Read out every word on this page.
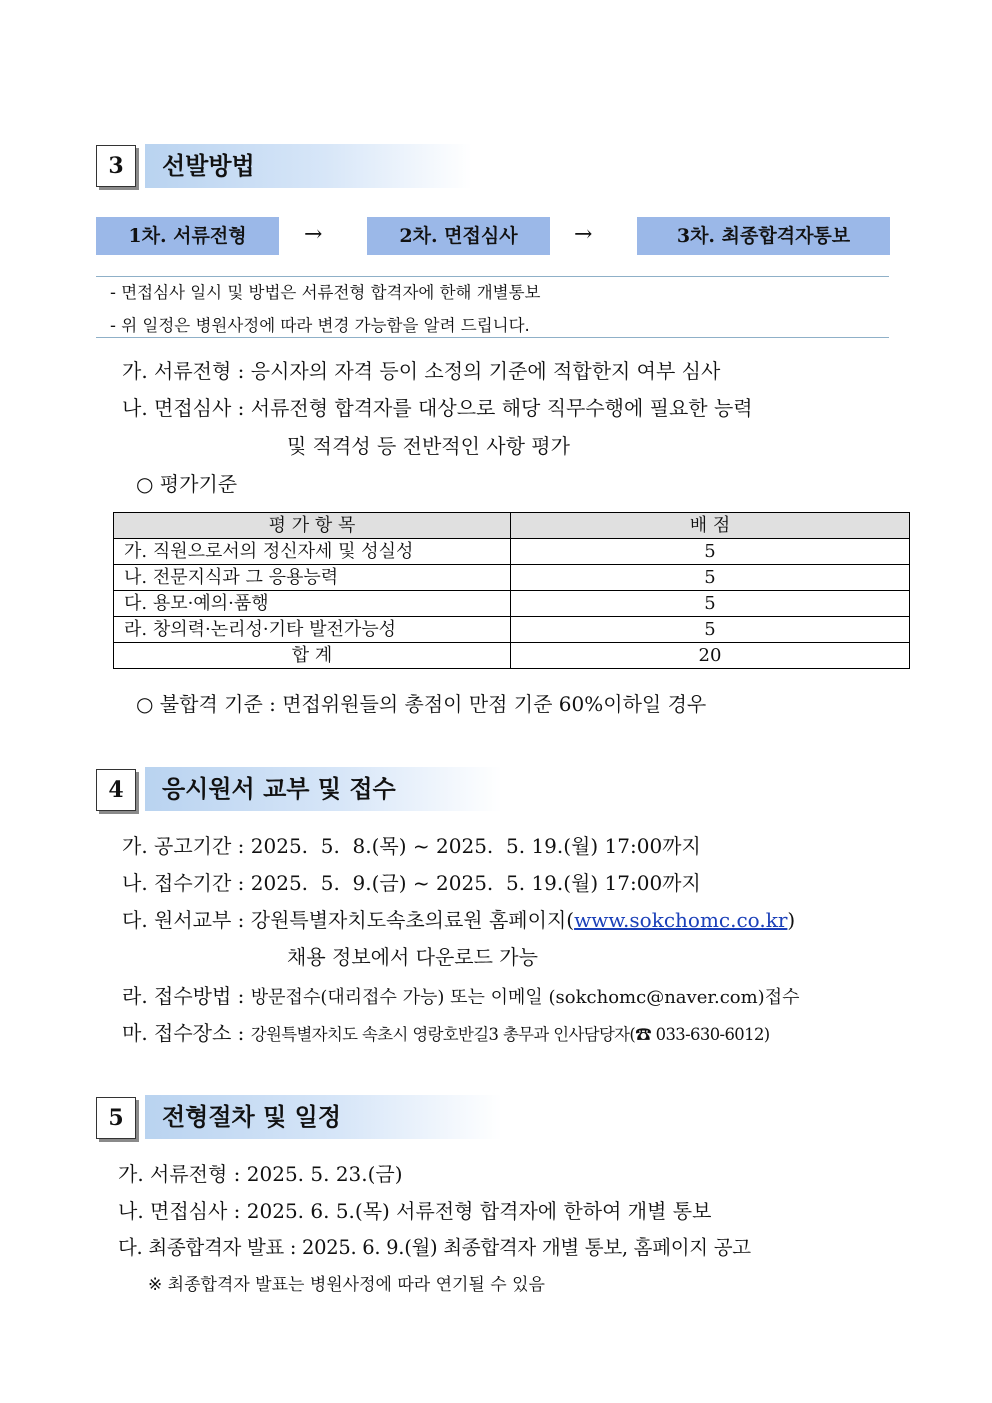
3	선발방법
1차. 서류전형	→	2차. 면접심사	→	3차. 최종합격자통보
- 면접심사 일시 및 방법은 서류전형 합격자에 한해 개별통보
- 위 일정은 병원사정에 따라 변경 가능함을 알려 드립니다.
가. 서류전형 : 응시자의 자격 등이 소정의 기준에 적합한지 여부 심사
나. 면접심사 : 서류전형 합격자를 대상으로 해당 직무수행에 필요한 능력
및 적격성 등 전반적인 사항 평가
○ 평가기준
평 가 항 목	배 점
가. 직원으로서의 정신자세 및 성실성	5
나. 전문지식과 그 응용능력	5
다. 용모·예의·품행	5
라. 창의력·논리성·기타 발전가능성	5
합 계	20
○ 불합격 기준 : 면접위원들의 총점이 만점 기준 60%이하일 경우
4	응시원서 교부 및 접수
가. 공고기간 : 2025.  5.  8.(목) ~ 2025.  5. 19.(월) 17:00까지
나. 접수기간 : 2025.  5.  9.(금) ~ 2025.  5. 19.(월) 17:00까지
다. 원서교부 : 강원특별자치도속초의료원 홈페이지(www.sokchomc.co.kr)
채용 정보에서 다운로드 가능
라. 접수방법 : 방문접수(대리접수 가능) 또는 이메일 (sokchomc@naver.com)접수
마. 접수장소 : 강원특별자치도 속초시 영랑호반길3 총무과 인사담당자(☎ 033-630-6012)
5	전형절차 및 일정
가. 서류전형 : 2025. 5. 23.(금)
나. 면접심사 : 2025. 6. 5.(목) 서류전형 합격자에 한하여 개별 통보
다. 최종합격자 발표 : 2025. 6. 9.(월) 최종합격자 개별 통보, 홈페이지 공고
※ 최종합격자 발표는 병원사정에 따라 연기될 수 있음
